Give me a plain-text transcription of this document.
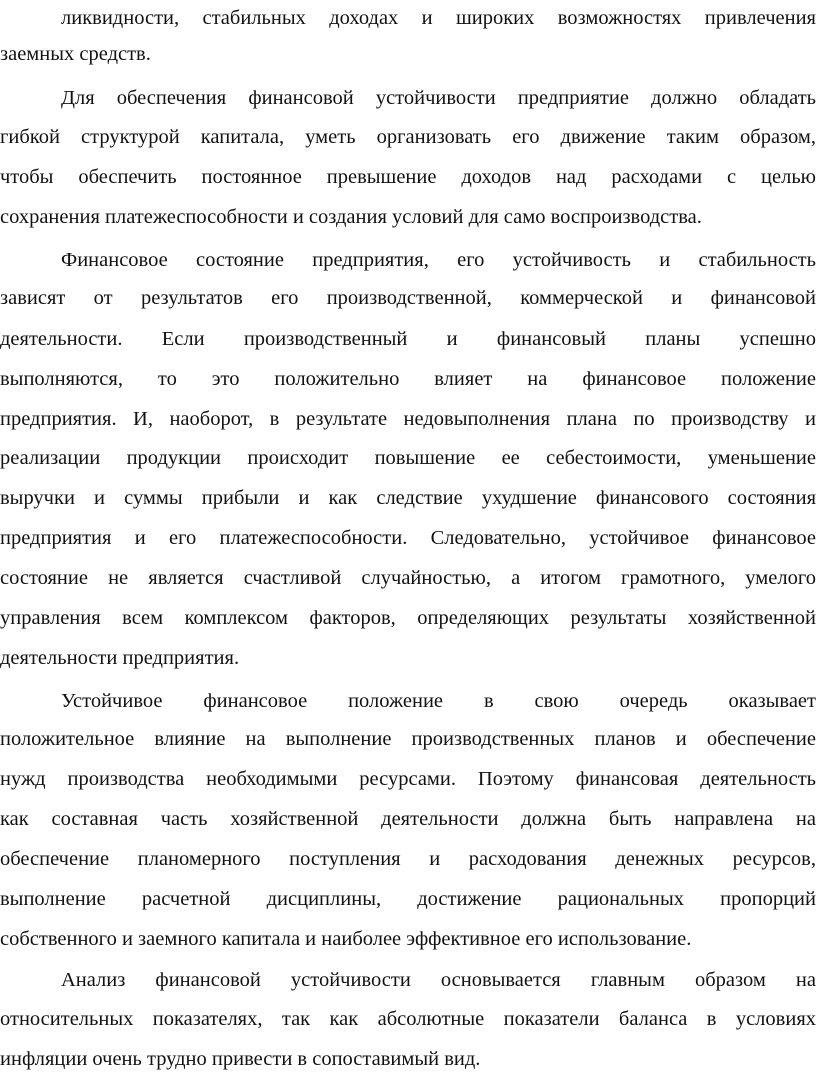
ликвидности, стабильных доходах и широких возможностях привлечения
заемных средств.
Для обеспечения финансовой устойчивости предприятие должно обладать
гибкой структурой капитала, уметь организовать его движение таким образом,
чтобы обеспечить постоянное превышение доходов над расходами с целью
сохранения платежеспособности и создания условий для само воспроизводства.
Финансовое состояние предприятия, его устойчивость и стабильность
зависят от результатов его производственной, коммерческой и финансовой
деятельности. Если производственный и финансовый планы успешно
выполняются, то это положительно влияет на финансовое положение
предприятия. И, наоборот, в результате недовыполнения плана по производству и
реализации продукции происходит повышение ее себестоимости, уменьшение
выручки и суммы прибыли и как следствие ухудшение финансового состояния
предприятия и его платежеспособности. Следовательно, устойчивое финансовое
состояние не является счастливой случайностью, а итогом грамотного, умелого
управления всем комплексом факторов, определяющих результаты хозяйственной
деятельности предприятия.
Устойчивое финансовое положение в свою очередь оказывает
положительное влияние на выполнение производственных планов и обеспечение
нужд производства необходимыми ресурсами. Поэтому финансовая деятельность
как составная часть хозяйственной деятельности должна быть направлена на
обеспечение планомерного поступления и расходования денежных ресурсов,
выполнение расчетной дисциплины, достижение рациональных пропорций
собственного и заемного капитала и наиболее эффективное его использование.
Анализ финансовой устойчивости основывается главным образом на
относительных показателях, так как абсолютные показатели баланса в условиях
инфляции очень трудно привести в сопоставимый вид.
